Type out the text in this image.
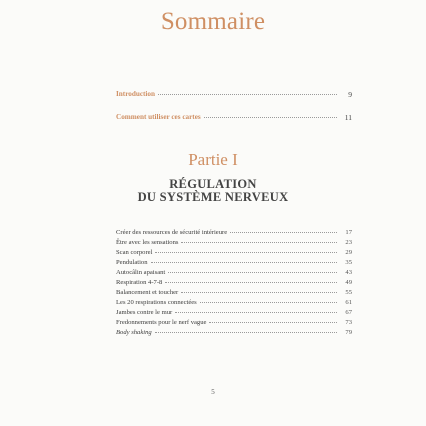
Sommaire
Introduction	9
Comment utiliser ces cartes	11
Partie I
RÉGULATION
DU SYSTÈME NERVEUX
Créer des ressources de sécurité intérieure	17
Être avec les sensations	23
Scan corporel	29
Pendulation	35
Autocâlin apaisant	43
Respiration 4-7-8	49
Balancement et toucher	55
Les 20 respirations connectées	61
Jambes contre le mur	67
Fredonnements pour le nerf vague	73
Body shaking	79
5
